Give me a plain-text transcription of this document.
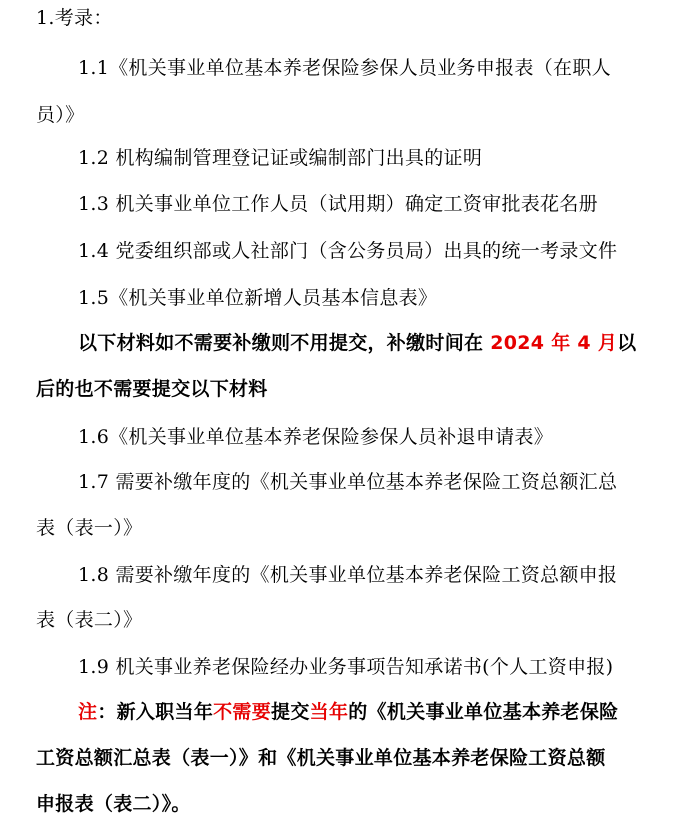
1.考录：
1.1《机关事业单位基本养老保险参保人员业务申报表（在职人
员）》
1.2 机构编制管理登记证或编制部门出具的证明
1.3 机关事业单位工作人员（试用期）确定工资审批表花名册
1.4 党委组织部或人社部门（含公务员局）出具的统一考录文件
1.5《机关事业单位新增人员基本信息表》
以下材料如不需要补缴则不用提交，补缴时间在 2024 年 4 月以
后的也不需要提交以下材料
1.6《机关事业单位基本养老保险参保人员补退申请表》
1.7 需要补缴年度的《机关事业单位基本养老保险工资总额汇总
表（表一）》
1.8 需要补缴年度的《机关事业单位基本养老保险工资总额申报
表（表二）》
1.9 机关事业养老保险经办业务事项告知承诺书(个人工资申报)
注：新入职当年不需要提交当年的《机关事业单位基本养老保险
工资总额汇总表（表一）》和《机关事业单位基本养老保险工资总额
申报表（表二）》。
